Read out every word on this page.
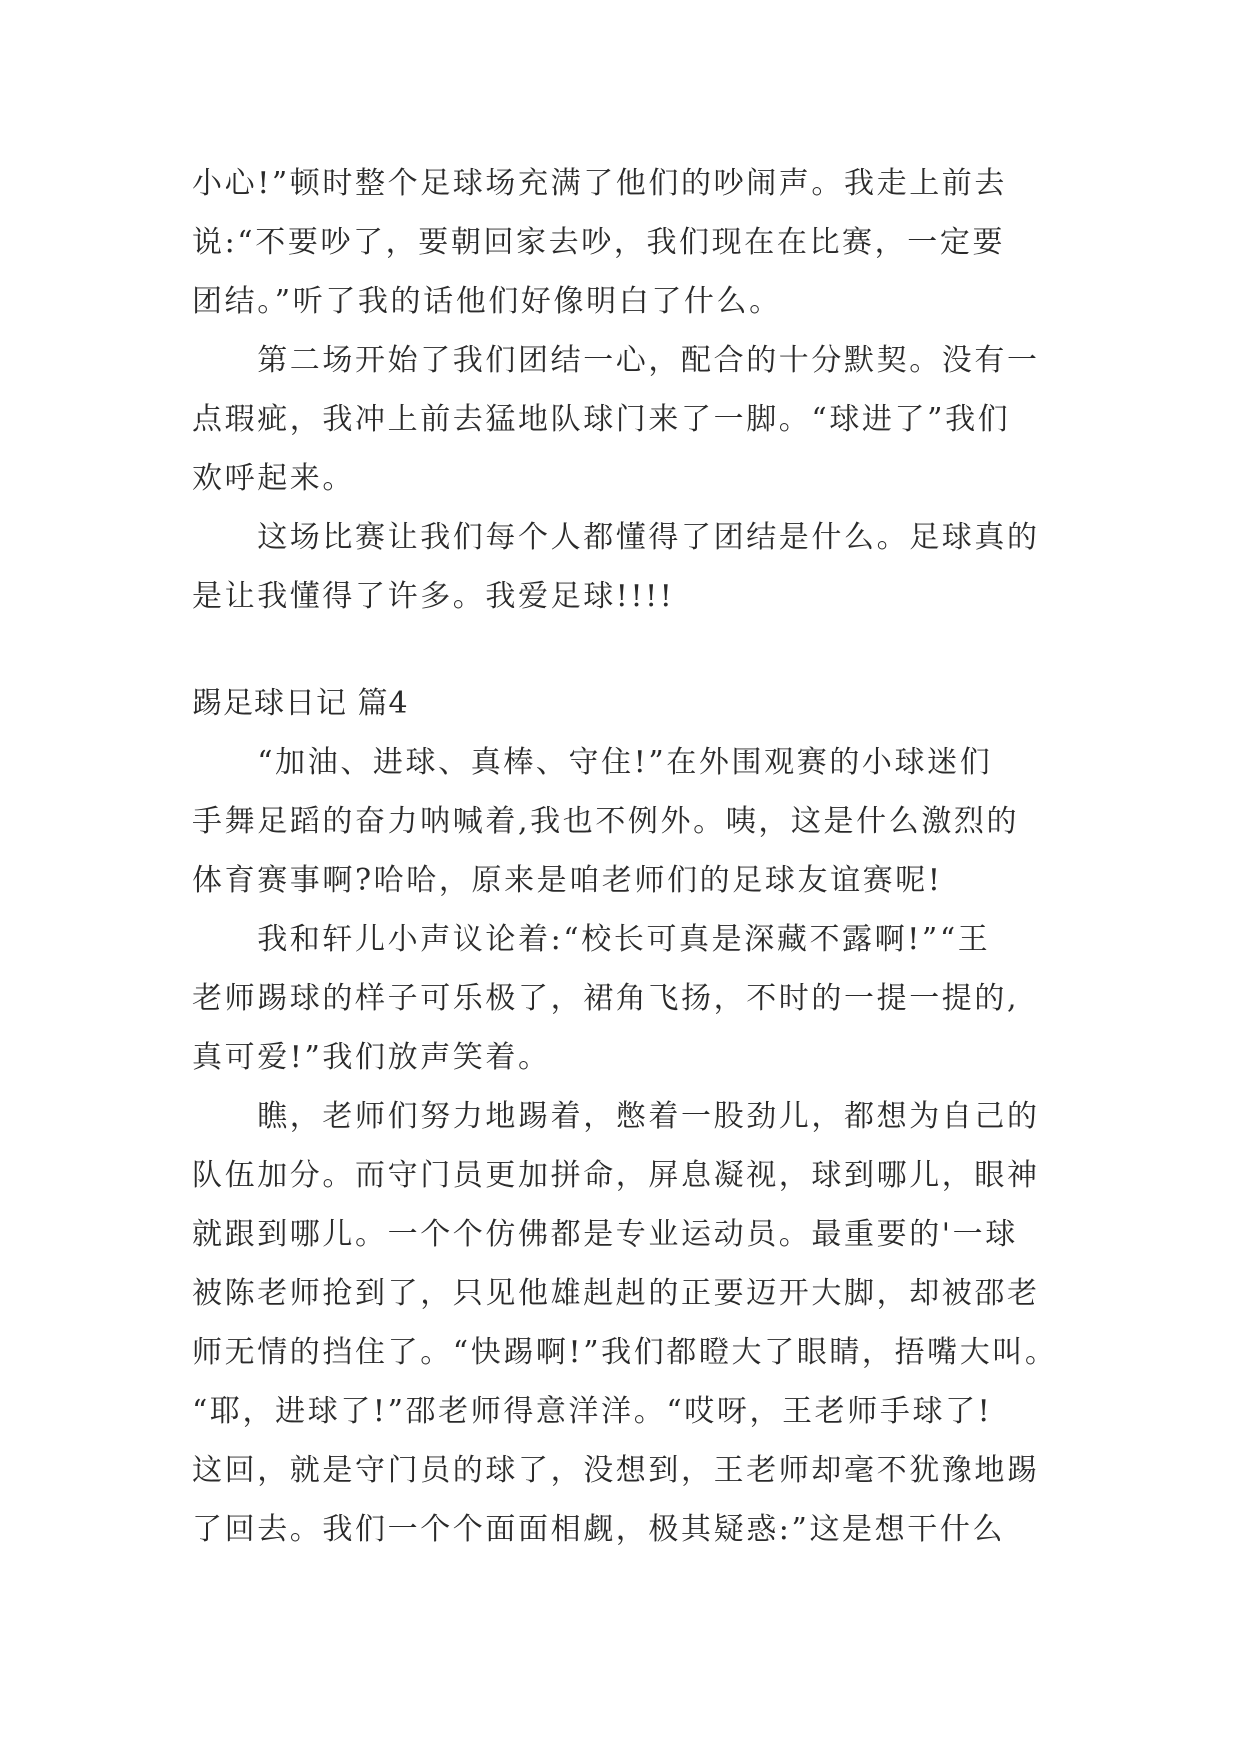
小心!”顿时整个足球场充满了他们的吵闹声。我走上前去
说:“不要吵了，要朝回家去吵，我们现在在比赛，一定要
团结。”听了我的话他们好像明白了什么。
　　第二场开始了我们团结一心，配合的十分默契。没有一
点瑕疵，我冲上前去猛地队球门来了一脚。“球进了”我们
欢呼起来。
　　这场比赛让我们每个人都懂得了团结是什么。足球真的
是让我懂得了许多。我爱足球!!!!
踢足球日记 篇4
　　“加油、进球、真棒、守住!”在外围观赛的小球迷们
手舞足蹈的奋力呐喊着,我也不例外。咦，这是什么激烈的
体育赛事啊?哈哈，原来是咱老师们的足球友谊赛呢!
　　我和轩儿小声议论着:“校长可真是深藏不露啊!”“王
老师踢球的样子可乐极了，裙角飞扬，不时的一提一提的,
真可爱!”我们放声笑着。
　　瞧，老师们努力地踢着，憋着一股劲儿，都想为自己的
队伍加分。而守门员更加拼命，屏息凝视，球到哪儿，眼神
就跟到哪儿。一个个仿佛都是专业运动员。最重要的'一球
被陈老师抢到了，只见他雄赳赳的正要迈开大脚，却被邵老
师无情的挡住了。“快踢啊!”我们都瞪大了眼睛，捂嘴大叫。
“耶，进球了!”邵老师得意洋洋。“哎呀，王老师手球了!
这回，就是守门员的球了，没想到，王老师却毫不犹豫地踢
了回去。我们一个个面面相觑，极其疑惑:”这是想干什么
